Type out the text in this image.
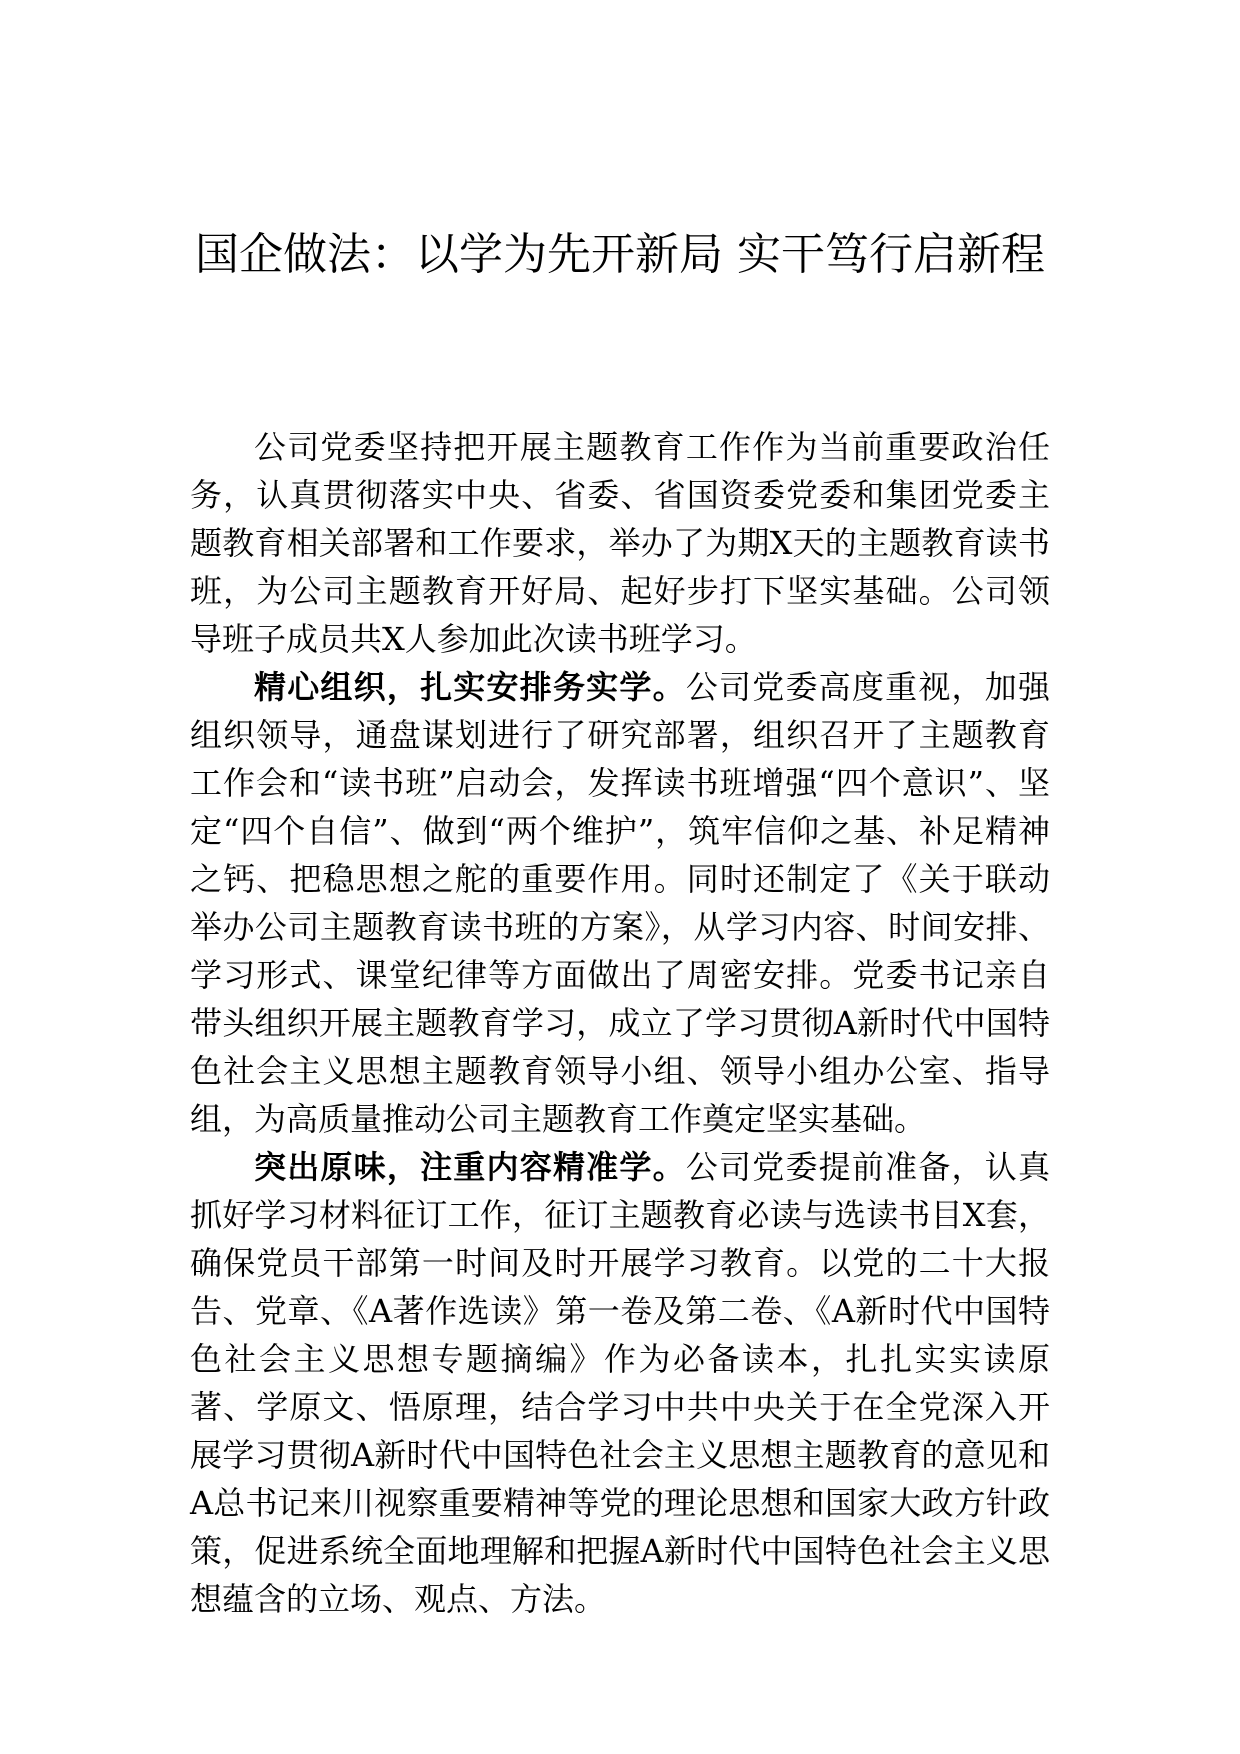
国企做法：以学为先开新局 实干笃行启新程

公司党委坚持把开展主题教育工作作为当前重要政治任务，认真贯彻落实中央、省委、省国资委党委和集团党委主题教育相关部署和工作要求，举办了为期X天的主题教育读书班，为公司主题教育开好局、起好步打下坚实基础。公司领导班子成员共X人参加此次读书班学习。

精心组织，扎实安排务实学。公司党委高度重视，加强组织领导，通盘谋划进行了研究部署，组织召开了主题教育工作会和“读书班”启动会，发挥读书班增强“四个意识”、坚定“四个自信”、做到“两个维护”，筑牢信仰之基、补足精神之钙、把稳思想之舵的重要作用。同时还制定了《关于联动举办公司主题教育读书班的方案》，从学习内容、时间安排、学习形式、课堂纪律等方面做出了周密安排。党委书记亲自带头组织开展主题教育学习，成立了学习贯彻A新时代中国特色社会主义思想主题教育领导小组、领导小组办公室、指导组，为高质量推动公司主题教育工作奠定坚实基础。

突出原味，注重内容精准学。公司党委提前准备，认真抓好学习材料征订工作，征订主题教育必读与选读书目X套，确保党员干部第一时间及时开展学习教育。以党的二十大报告、党章、《A著作选读》第一卷及第二卷、《A新时代中国特色社会主义思想专题摘编》作为必备读本，扎扎实实读原著、学原文、悟原理，结合学习中共中央关于在全党深入开展学习贯彻A新时代中国特色社会主义思想主题教育的意见和A总书记来川视察重要精神等党的理论思想和国家大政方针政策，促进系统全面地理解和把握A新时代中国特色社会主义思想蕴含的立场、观点、方法。
